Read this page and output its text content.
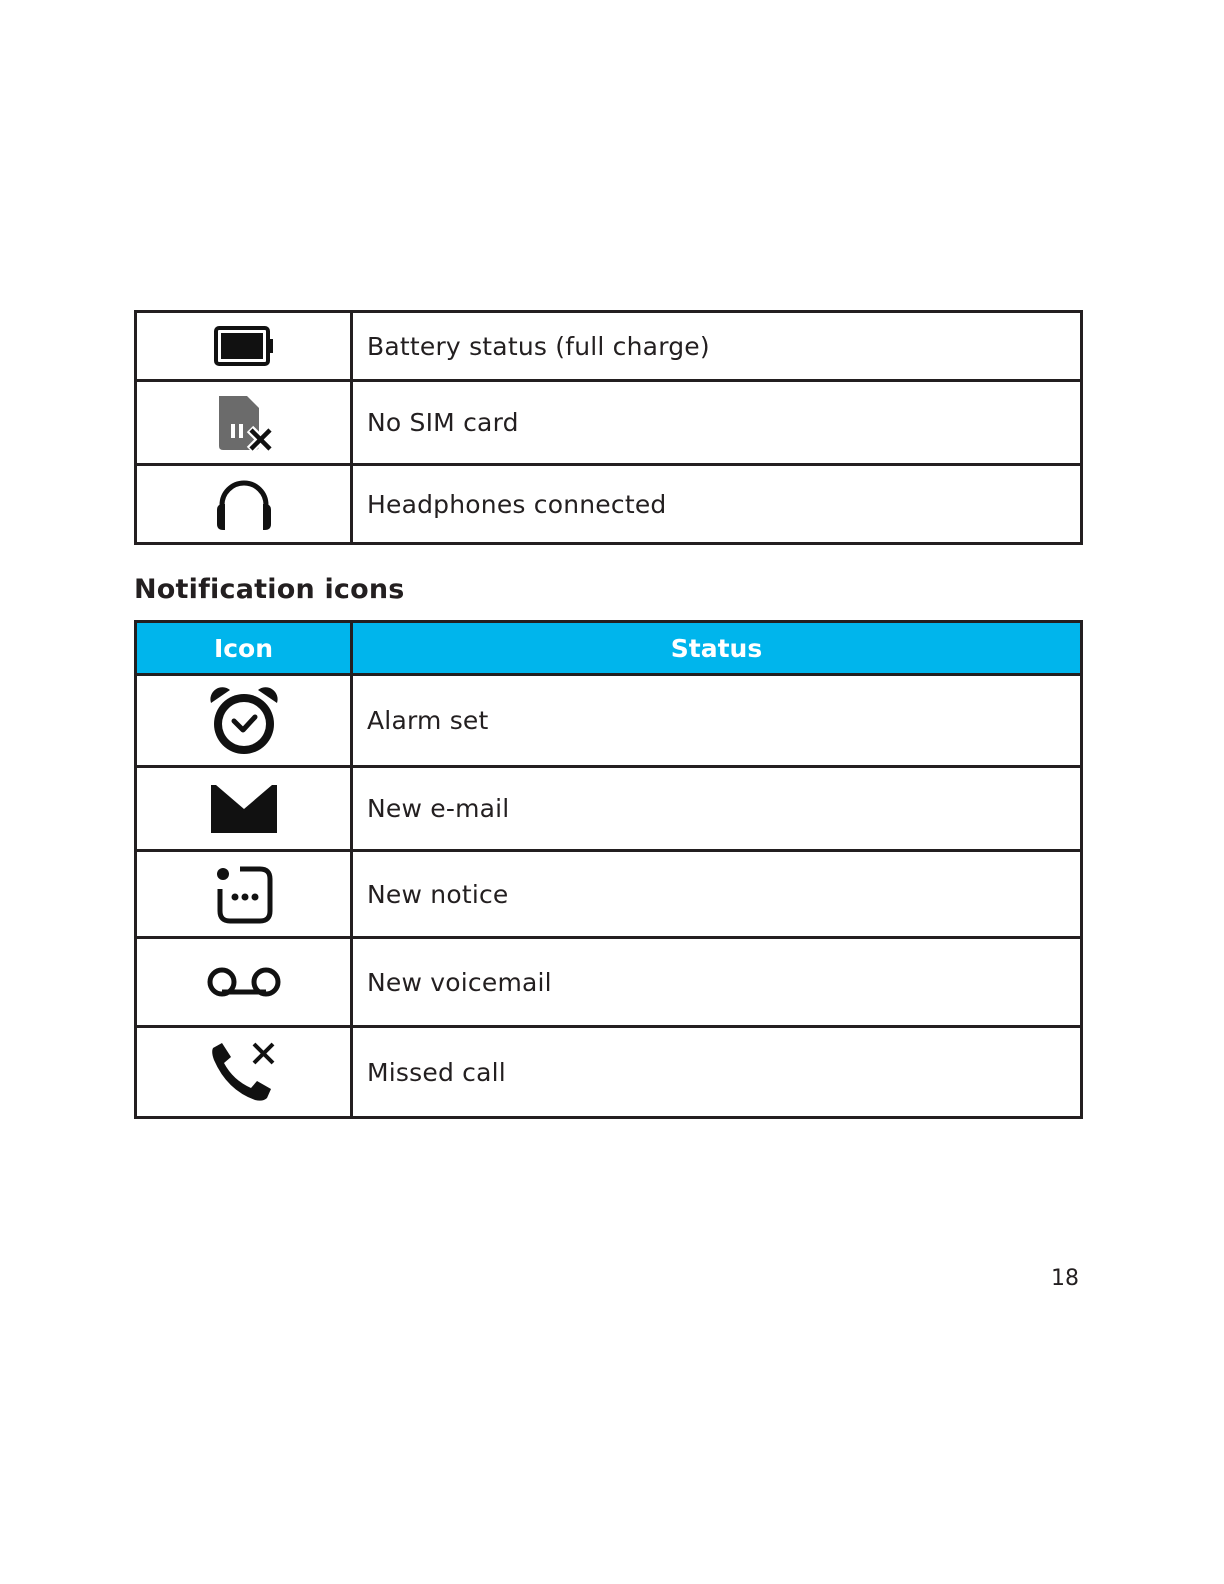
	Battery status (full charge)

	No SIM card

	Headphones connected
Notification icons
Icon	Status

	Alarm set

	New e-mail

	New notice

	New voicemail

	Missed call
18
